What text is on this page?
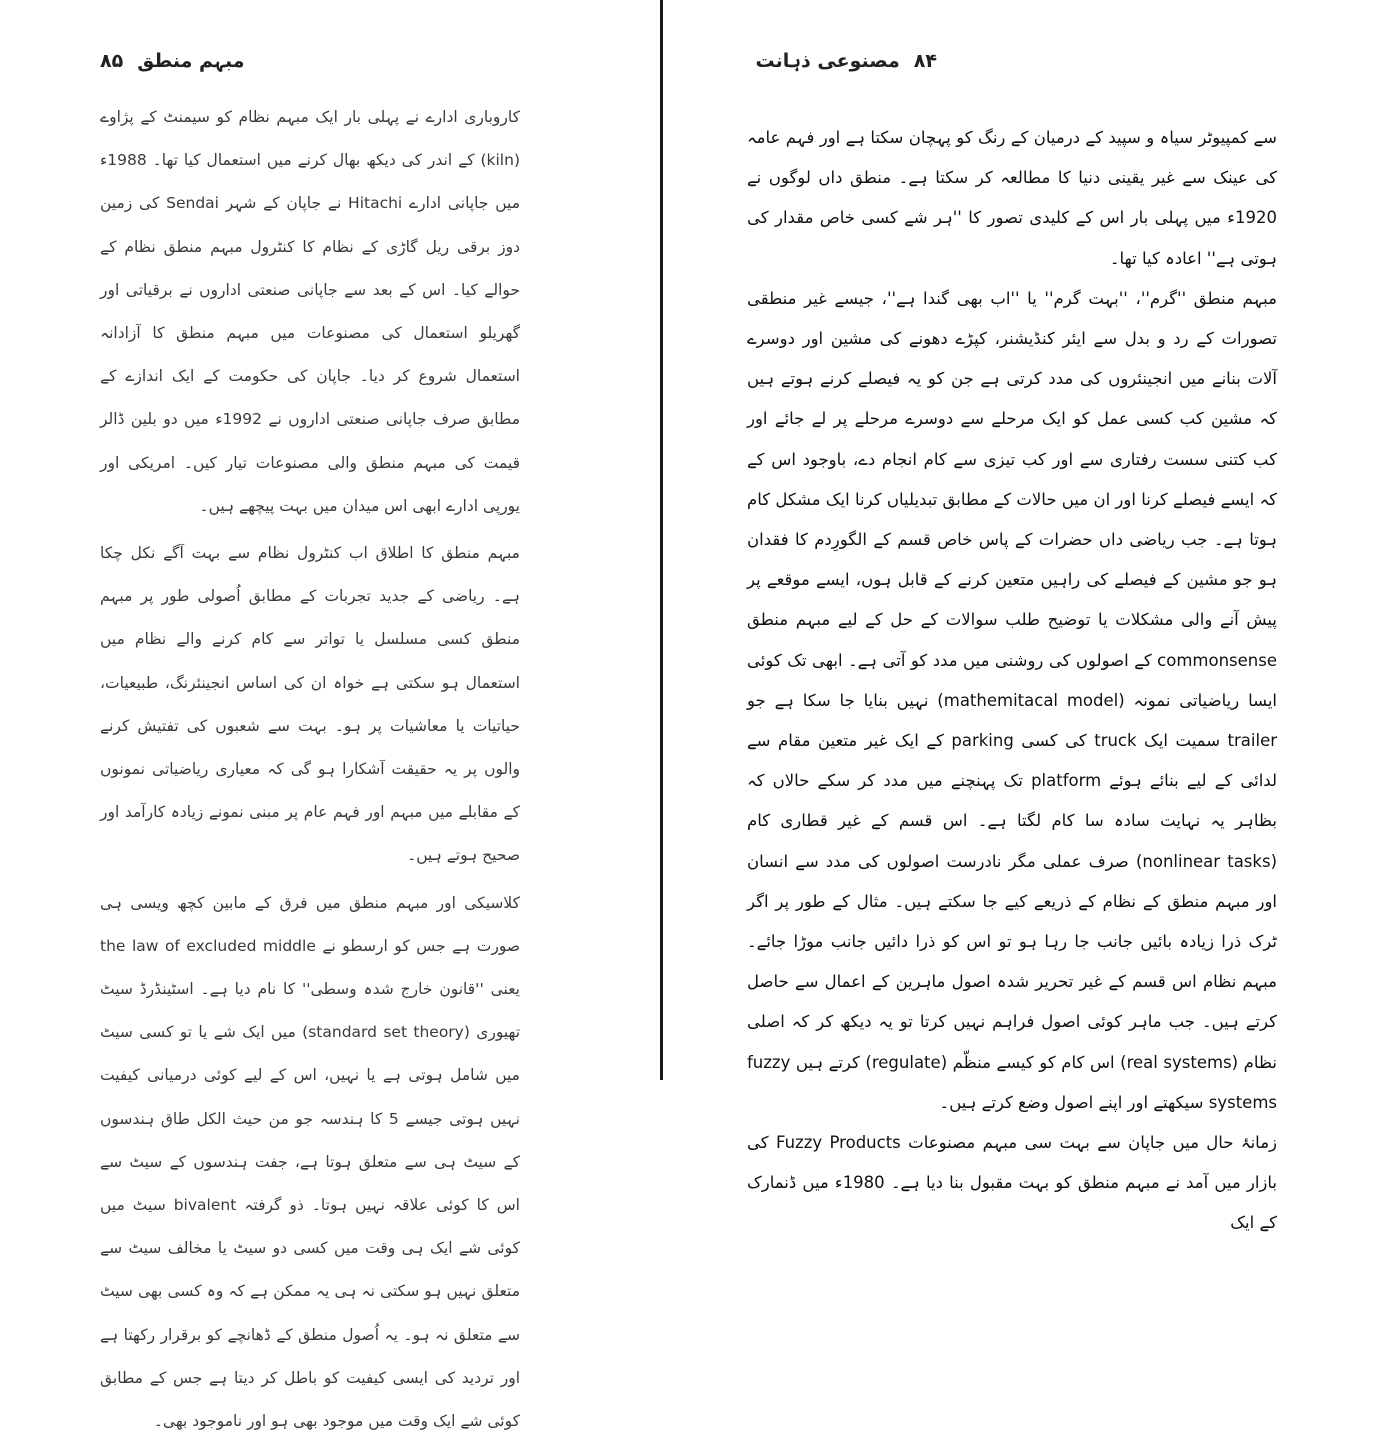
۸۵ مبہم منطق

کاروباری ادارے نے پہلی بار ایک مبہم نظام کو سیمنٹ کے پژاوے (kiln) کے اندر کی دیکھ بھال کرنے میں استعمال کیا تھا۔ 1988ء میں جاپانی ادارے Hitachi نے جاپان کے شہر Sendai کی زمین دوز برقی ریل گاڑی کے نظام کا کنٹرول مبہم منطق نظام کے حوالے کیا۔ اس کے بعد سے جاپانی صنعتی اداروں نے برقیاتی اور گھریلو استعمال کی مصنوعات میں مبہم منطق کا آزادانہ استعمال شروع کر دیا۔ جاپان کی حکومت کے ایک اندازے کے مطابق صرف جاپانی صنعتی اداروں نے 1992ء میں دو بلین ڈالر قیمت کی مبہم منطق والی مصنوعات تیار کیں۔ امریکی اور یورپی ادارے ابھی اس میدان میں بہت پیچھے ہیں۔

مبہم منطق کا اطلاق اب کنٹرول نظام سے بہت آگے نکل چکا ہے۔ ریاضی کے جدید تجربات کے مطابق اُصولی طور پر مبہم منطق کسی مسلسل یا تواتر سے کام کرنے والے نظام میں استعمال ہو سکتی ہے خواہ ان کی اساس انجینئرنگ، طبیعیات، حیاتیات یا معاشیات پر ہو۔ بہت سے شعبوں کی تفتیش کرنے والوں پر یہ حقیقت آشکارا ہو گی کہ معیاری ریاضیاتی نمونوں کے مقابلے میں مبہم اور فہم عام پر مبنی نمونے زیادہ کارآمد اور صحیح ہوتے ہیں۔

کلاسیکی اور مبہم منطق میں فرق کے مابین کچھ ویسی ہی صورت ہے جس کو ارسطو نے the law of excluded middle یعنی ''قانون خارج شدہ وسطی'' کا نام دیا ہے۔ اسٹینڈرڈ سیٹ تھیوری (standard set theory) میں ایک شے یا تو کسی سیٹ میں شامل ہوتی ہے یا نہیں، اس کے لیے کوئی درمیانی کیفیت نہیں ہوتی جیسے 5 کا ہندسہ جو من حیث الکل طاق ہندسوں کے سیٹ ہی سے متعلق ہوتا ہے، جفت ہندسوں کے سیٹ سے اس کا کوئی علاقہ نہیں ہوتا۔ ذو گرفتہ bivalent سیٹ میں کوئی شے ایک ہی وقت میں کسی دو سیٹ یا مخالف سیٹ سے متعلق نہیں ہو سکتی نہ ہی یہ ممکن ہے کہ وہ کسی بھی سیٹ سے متعلق نہ ہو۔ یہ اُصول منطق کے ڈھانچے کو برقرار رکھتا ہے اور تردید کی ایسی کیفیت کو باطل کر دیتا ہے جس کے مطابق کوئی شے ایک وقت میں موجود بھی ہو اور ناموجود بھی۔

۸۴
مصنوعی ذہانت

سے کمپیوٹر سیاہ و سپید کے درمیان کے رنگ کو پہچان سکتا ہے اور فہم عامہ کی عینک سے غیر یقینی دنیا کا مطالعہ کر سکتا ہے۔ منطق داں لوگوں نے 1920ء میں پہلی بار اس کے کلیدی تصور کا ''ہر شے کسی خاص مقدار کی ہوتی ہے'' اعادہ کیا تھا۔

مبہم منطق ''گرم''، ''بہت گرم'' یا ''اب بھی گندا ہے''، جیسے غیر منطقی تصورات کے رد و بدل سے ایئر کنڈیشنر، کپڑے دھونے کی مشین اور دوسرے آلات بنانے میں انجینئروں کی مدد کرتی ہے جن کو یہ فیصلے کرنے ہوتے ہیں کہ مشین کب کسی عمل کو ایک مرحلے سے دوسرے مرحلے پر لے جائے اور کب کتنی سست رفتاری سے اور کب تیزی سے کام انجام دے، باوجود اس کے کہ ایسے فیصلے کرنا اور ان میں حالات کے مطابق تبدیلیاں کرنا ایک مشکل کام ہوتا ہے۔ جب ریاضی داں حضرات کے پاس خاص قسم کے الگورِدم کا فقدان ہو جو مشین کے فیصلے کی راہیں متعین کرنے کے قابل ہوں، ایسے موقعے پر پیش آنے والی مشکلات یا توضیح طلب سوالات کے حل کے لیے مبہم منطق commonsense کے اصولوں کی روشنی میں مدد کو آتی ہے۔ ابھی تک کوئی ایسا ریاضیاتی نمونہ (mathemitacal model) نہیں بنایا جا سکا ہے جو trailer سمیت ایک truck کی کسی parking کے ایک غیر متعین مقام سے لدائی کے لیے بنائے ہوئے platform تک پہنچنے میں مدد کر سکے حالاں کہ بظاہر یہ نہایت سادہ سا کام لگتا ہے۔ اس قسم کے غیر قطاری کام (nonlinear tasks) صرف عملی مگر نادرست اصولوں کی مدد سے انسان اور مبہم منطق کے نظام کے ذریعے کیے جا سکتے ہیں۔ مثال کے طور پر اگر ٹرک ذرا زیادہ بائیں جانب جا رہا ہو تو اس کو ذرا دائیں جانب موڑا جائے۔ مبہم نظام اس قسم کے غیر تحریر شدہ اصول ماہرین کے اعمال سے حاصل کرتے ہیں۔ جب ماہر کوئی اصول فراہم نہیں کرتا تو یہ دیکھ کر کہ اصلی نظام (real systems) اس کام کو کیسے منظّم (regulate) کرتے ہیں fuzzy systems سیکھتے اور اپنے اصول وضع کرتے ہیں۔

زمانۂ حال میں جاپان سے بہت سی مبہم مصنوعات Fuzzy Products کی بازار میں آمد نے مبہم منطق کو بہت مقبول بنا دیا ہے۔ 1980ء میں ڈنمارک کے ایک
